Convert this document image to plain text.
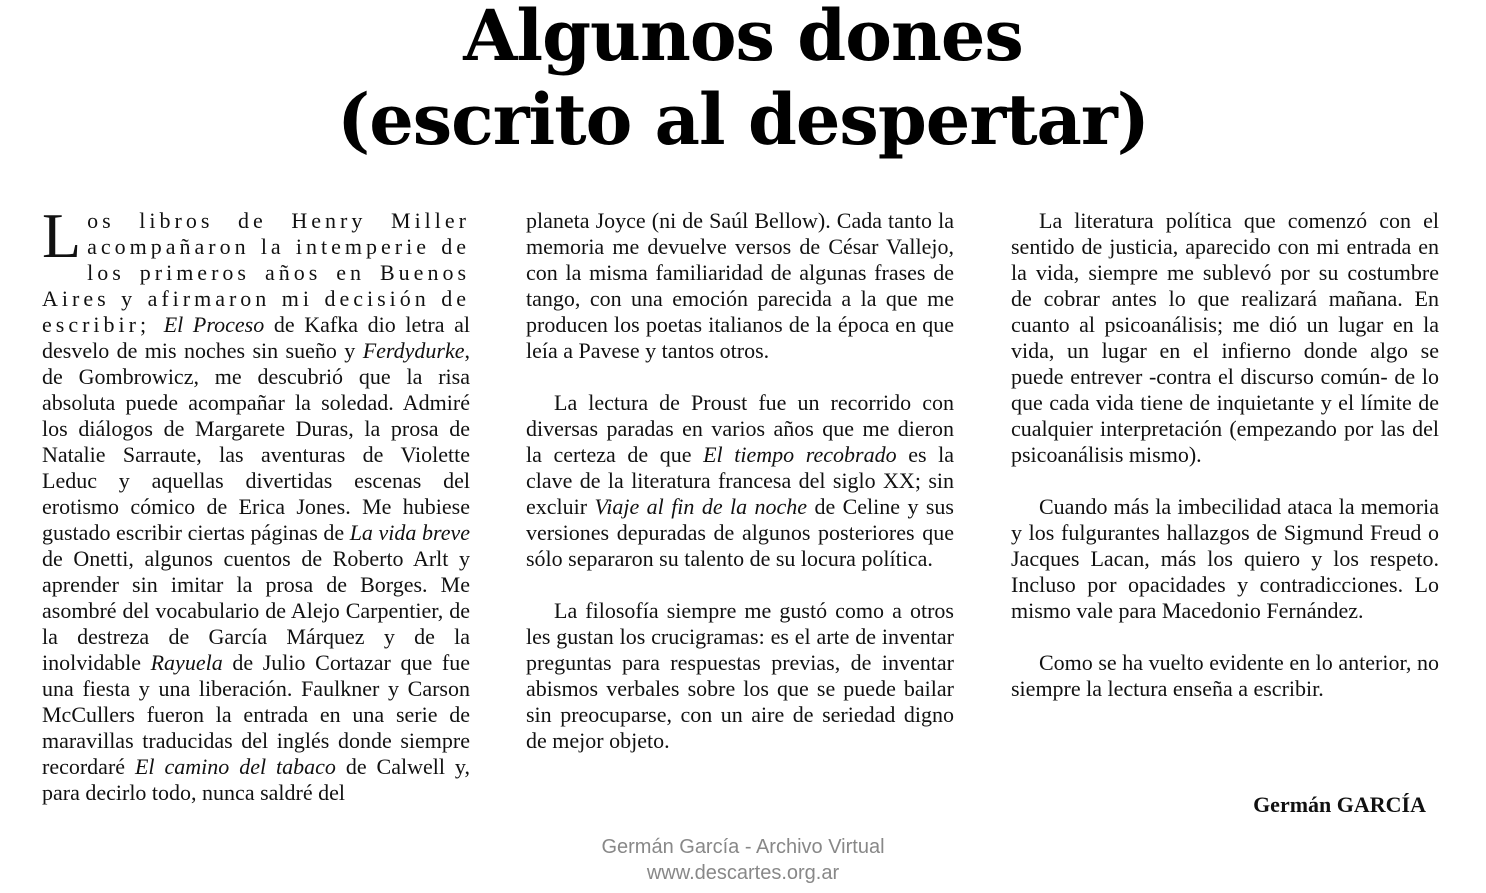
Algunos dones
(escrito al despertar)

Los libros de Henry Miller acompañaron la intemperie de los primeros años en Buenos Aires y afirmaron mi decisión de escribir; El Proceso de Kafka dio letra al desvelo de mis noches sin sueño y Ferdydurke, de Gombrowicz, me descubrió que la risa absoluta puede acompañar la soledad. Admiré los diálogos de Margarete Duras, la prosa de Natalie Sarraute, las aventuras de Violette Leduc y aquellas divertidas escenas del erotismo cómico de Erica Jones. Me hubiese gustado escribir ciertas páginas de La vida breve de Onetti, algunos cuentos de Roberto Arlt y aprender sin imitar la prosa de Borges. Me asombré del vocabulario de Alejo Carpentier, de la destreza de García Márquez y de la inolvidable Rayuela de Julio Cortazar que fue una fiesta y una liberación. Faulkner y Carson McCullers fueron la entrada en una serie de maravillas traducidas del inglés donde siempre recordaré El camino del tabaco de Calwell y, para decirlo todo, nunca saldré del

planeta Joyce (ni de Saúl Bellow). Cada tanto la memoria me devuelve versos de César Vallejo, con la misma familiaridad de algunas frases de tango, con una emoción parecida a la que me producen los poetas italianos de la época en que leía a Pavese y tantos otros.

La lectura de Proust fue un recorrido con diversas paradas en varios años que me dieron la certeza de que El tiempo recobrado es la clave de la literatura francesa del siglo XX; sin excluir Viaje al fin de la noche de Celine y sus versiones depuradas de algunos posteriores que sólo separaron su talento de su locura política.

La filosofía siempre me gustó como a otros les gustan los crucigramas: es el arte de inventar preguntas para respuestas previas, de inventar abismos verbales sobre los que se puede bailar sin preocuparse, con un aire de seriedad digno de mejor objeto.

La literatura política que comenzó con el sentido de justicia, aparecido con mi entrada en la vida, siempre me sublevó por su costumbre de cobrar antes lo que realizará mañana. En cuanto al psicoanálisis; me dió un lugar en la vida, un lugar en el infierno donde algo se puede entrever -contra el discurso común- de lo que cada vida tiene de inquietante y el límite de cualquier interpretación (empezando por las del psicoanálisis mismo).

Cuando más la imbecilidad ataca la memoria y los fulgurantes hallazgos de Sigmund Freud o Jacques Lacan, más los quiero y los respeto. Incluso por opacidades y contradicciones. Lo mismo vale para Macedonio Fernández.

Como se ha vuelto evidente en lo anterior, no siempre la lectura enseña a escribir.

Germán GARCÍA
Germán García - Archivo Virtual
www.descartes.org.ar
